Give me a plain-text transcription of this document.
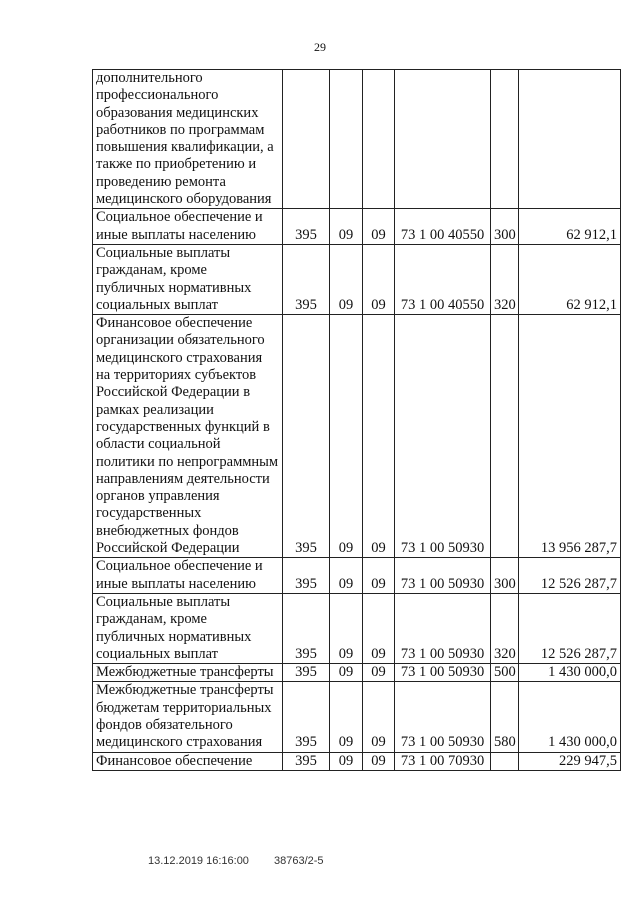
29
дополнительного профессионального образования медицинских работников по программам повышения квалификации, а также по приобретению и проведению ремонта медицинского оборудования						
Социальное обеспечение и иные выплаты населению	395	09	09	73 1 00 40550	300	62 912,1
Социальные выплаты гражданам, кроме публичных нормативных социальных выплат	395	09	09	73 1 00 40550	320	62 912,1
Финансовое обеспечение организации обязательного медицинского страхования на территориях субъектов Российской Федерации в рамках реализации государственных функций в области социальной политики по непрограммным направлениям деятельности органов управления государственных внебюджетных фондов Российской Федерации	395	09	09	73 1 00 50930		13 956 287,7
Социальное обеспечение и иные выплаты населению	395	09	09	73 1 00 50930	300	12 526 287,7
Социальные выплаты гражданам, кроме публичных нормативных социальных выплат	395	09	09	73 1 00 50930	320	12 526 287,7
Межбюджетные трансферты	395	09	09	73 1 00 50930	500	1 430 000,0
Межбюджетные трансферты бюджетам территориальных фондов обязательного медицинского страхования	395	09	09	73 1 00 50930	580	1 430 000,0
Финансовое обеспечение	395	09	09	73 1 00 70930		229 947,5
13.12.2019 16:16:00 38763/2-5
